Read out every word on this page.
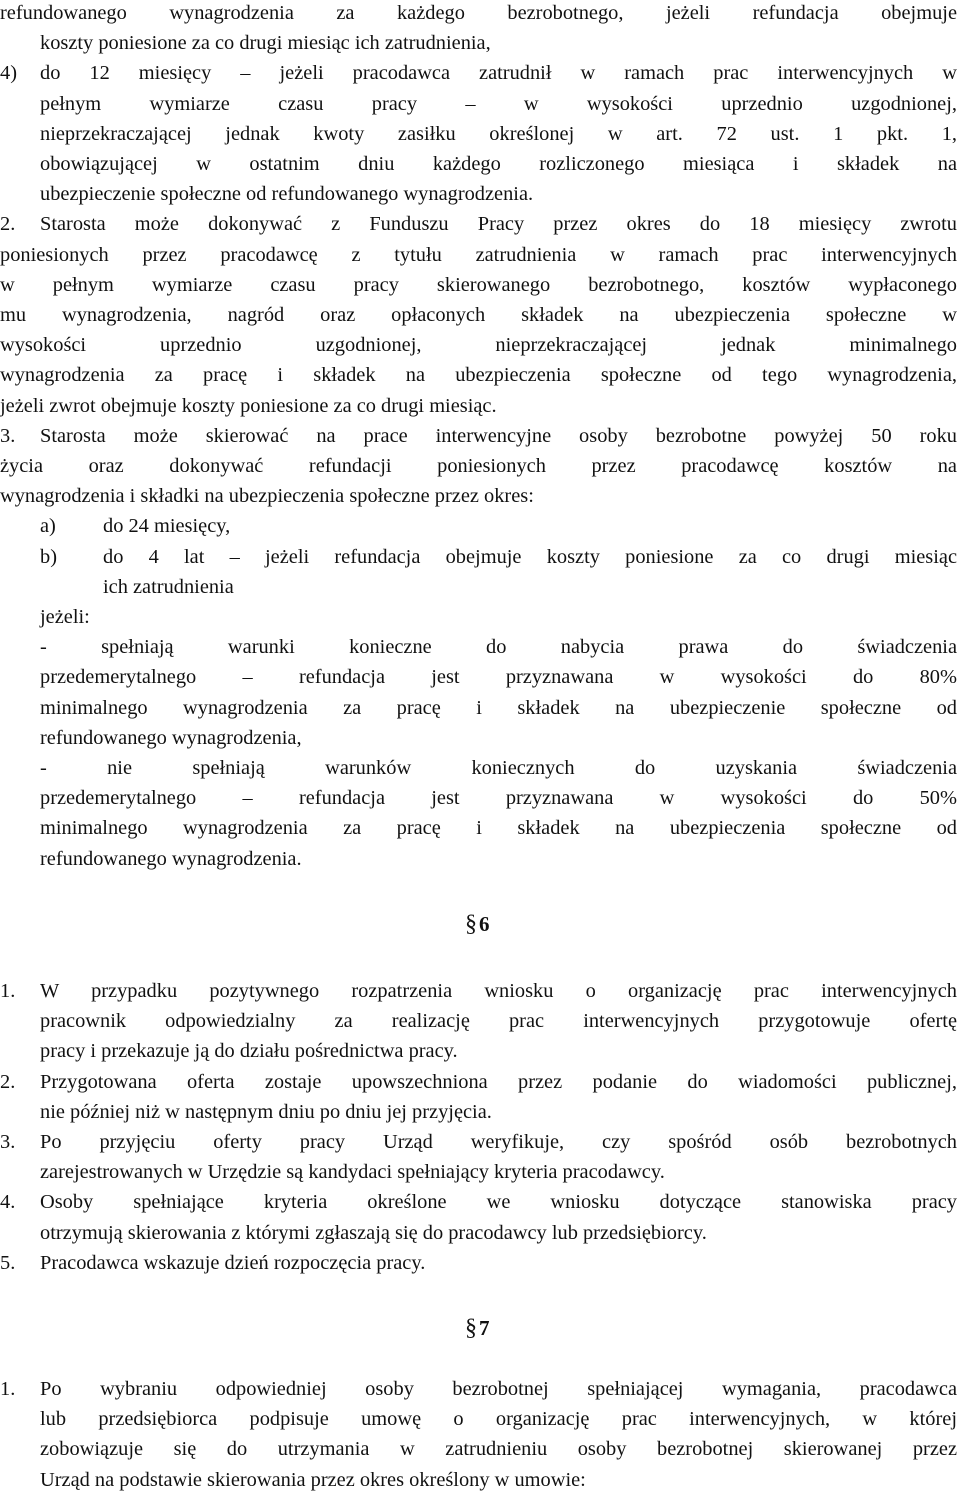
refundowanego wynagrodzenia za każdego bezrobotnego, jeżeli refundacja obejmuje

koszty poniesione za co drugi miesiąc ich zatrudnienia,

4)	do 12 miesięcy – jeżeli pracodawca zatrudnił w ramach prac interwencyjnych w

pełnym wymiarze czasu pracy – w wysokości uprzednio uzgodnionej,

nieprzekraczającej jednak kwoty zasiłku określonej w art. 72 ust. 1 pkt. 1,

obowiązującej w ostatnim dniu każdego rozliczonego miesiąca i składek na

ubezpieczenie społeczne od refundowanego wynagrodzenia.

2.	Starosta może dokonywać z Funduszu Pracy przez okres do 18 miesięcy zwrotu

poniesionych przez pracodawcę z tytułu zatrudnienia w ramach prac interwencyjnych

w pełnym wymiarze czasu pracy skierowanego bezrobotnego, kosztów wypłaconego

mu wynagrodzenia, nagród oraz opłaconych składek na ubezpieczenia społeczne w

wysokości uprzednio uzgodnionej, nieprzekraczającej jednak minimalnego

wynagrodzenia za pracę i składek na ubezpieczenia społeczne od tego wynagrodzenia,

jeżeli zwrot obejmuje koszty poniesione za co drugi miesiąc.

3.	Starosta może skierować na prace interwencyjne osoby bezrobotne powyżej 50 roku

życia oraz dokonywać refundacji poniesionych przez pracodawcę kosztów na

wynagrodzenia i składki na ubezpieczenia społeczne przez okres:

a)	do 24 miesięcy,

b)	do 4 lat – jeżeli refundacja obejmuje koszty poniesione za co drugi miesiąc

ich zatrudnienia

jeżeli:

- spełniają warunki konieczne do nabycia prawa do świadczenia

przedemerytalnego – refundacja jest przyznawana w wysokości do 80%

minimalnego wynagrodzenia za pracę i składek na ubezpieczenie społeczne od

refundowanego wynagrodzenia,

- nie spełniają warunków koniecznych do uzyskania świadczenia

przedemerytalnego – refundacja jest przyznawana w wysokości do 50%

minimalnego wynagrodzenia za pracę i składek na ubezpieczenia społeczne od

refundowanego wynagrodzenia.

§6
1.	W przypadku pozytywnego rozpatrzenia wniosku o organizację prac interwencyjnych

pracownik odpowiedzialny za realizację prac interwencyjnych przygotowuje ofertę

pracy i przekazuje ją do działu pośrednictwa pracy.

2.	Przygotowana oferta zostaje upowszechniona przez podanie do wiadomości publicznej,

nie później niż w następnym dniu po dniu jej przyjęcia.

3.	Po przyjęciu oferty pracy Urząd weryfikuje, czy spośród osób bezrobotnych

zarejestrowanych w Urzędzie są kandydaci spełniający kryteria pracodawcy.

4.	Osoby spełniające kryteria określone we wniosku dotyczące stanowiska pracy

otrzymują skierowania z którymi zgłaszają się do pracodawcy lub przedsiębiorcy.

5.	Pracodawca wskazuje dzień rozpoczęcia pracy.

§7
1.	Po wybraniu odpowiedniej osoby bezrobotnej spełniającej wymagania, pracodawca

lub przedsiębiorca podpisuje umowę o organizację prac interwencyjnych, w której

zobowiązuje się do utrzymania w zatrudnieniu osoby bezrobotnej skierowanej przez

Urząd na podstawie skierowania przez okres określony w umowie:
